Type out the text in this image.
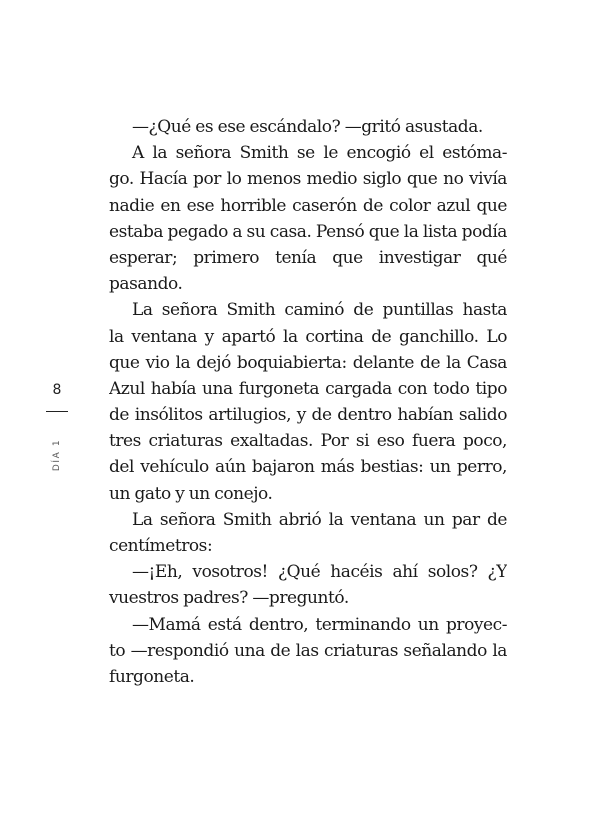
8
DÍA 1
—¿Qué es ese escándalo? —gritó asustada.
A la señora Smith se le encogió el estóma-
go. Hacía por lo menos medio siglo que no vivía
nadie en ese horrible caserón de color azul que
estaba pegado a su casa. Pensó que la lista podía
esperar; primero tenía que investigar qué
pasando.
La señora Smith caminó de puntillas hasta
la ventana y apartó la cortina de ganchillo. Lo
que vio la dejó boquiabierta: delante de la Casa
Azul había una furgoneta cargada con todo tipo
de insólitos artilugios, y de dentro habían salido
tres criaturas exaltadas. Por si eso fuera poco,
del vehículo aún bajaron más bestias: un perro,
un gato y un conejo.
La señora Smith abrió la ventana un par de
centímetros:
—¡Eh, vosotros! ¿Qué hacéis ahí solos? ¿Y
vuestros padres? —preguntó.
—Mamá está dentro, terminando un proyec-
to —respondió una de las criaturas señalando la
furgoneta.
